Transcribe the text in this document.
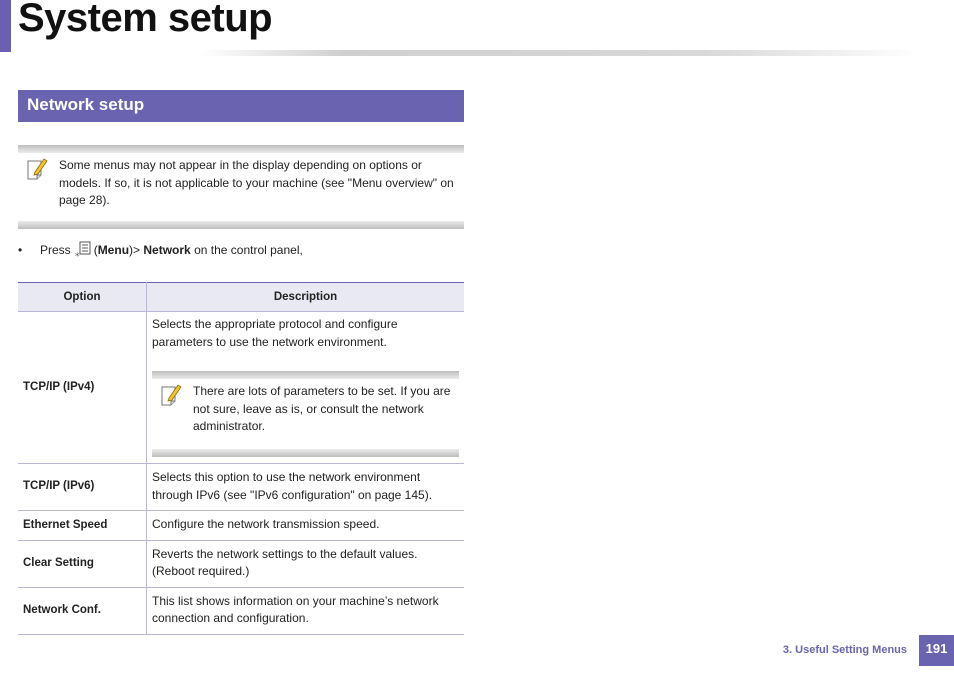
System setup
Network setup
Some menus may not appear in the display depending on options or models. If so, it is not applicable to your machine (see "Menu overview" on page 28).
• Press * (Menu)> Network on the control panel,
Option	Description
TCP/IP (IPv4)	Selects the appropriate protocol and configure parameters to use the network environment.
There are lots of parameters to be set. If you are not sure, leave as is, or consult the network administrator.

TCP/IP (IPv6)	Selects this option to use the network environment through IPv6 (see "IPv6 configuration" on page 145).
Ethernet Speed	Configure the network transmission speed.
Clear Setting	Reverts the network settings to the default values. (Reboot required.)
Network Conf.	This list shows information on your machine’s network connection and configuration.
3. Useful Setting Menus	191
